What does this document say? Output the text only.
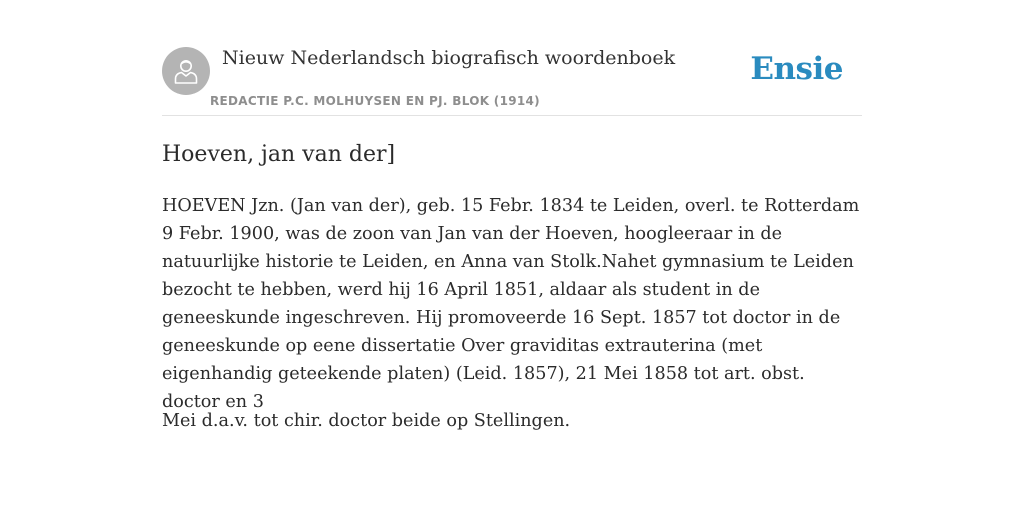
Nieuw Nederlandsch biografisch woordenboek
REDACTIE P.C. MOLHUYSEN EN PJ. BLOK (1914)
Ensie
Hoeven, jan van der]

HOEVEN Jzn. (Jan van der), geb. 15 Febr. 1834 te Leiden, overl. te Rotterdam 9 Febr. 1900, was de zoon van Jan van der Hoeven, hoogleeraar in de natuurlijke historie te Leiden, en Anna van Stolk.Nahet gymnasium te Leiden bezocht te hebben, werd hij 16 April 1851, aldaar als student in de geneeskunde ingeschreven. Hij promoveerde 16 Sept. 1857 tot doctor in de geneeskunde op eene dissertatie Over graviditas extrauterina (met eigenhandig geteekende platen) (Leid. 1857), 21 Mei 1858 tot art. obst. doctor en 3

Mei d.a.v. tot chir. doctor beide op Stellingen.
